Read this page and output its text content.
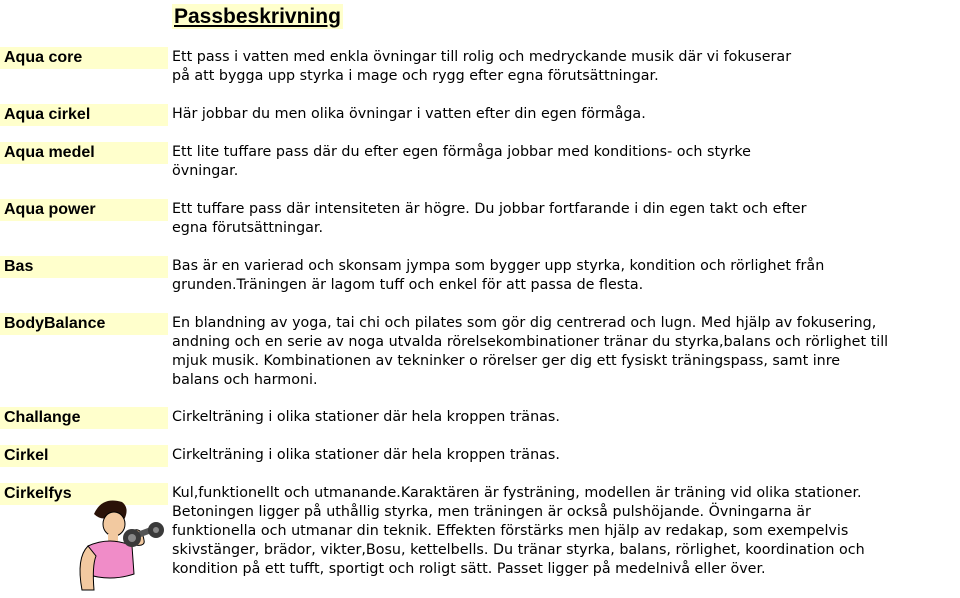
Passbeskrivning
Aqua core	Ett pass i vatten med enkla övningar till rolig och medryckande musik där vi fokuserar
på att bygga upp styrka i mage och rygg efter egna förutsättningar.
Aqua cirkel	Här jobbar du men olika övningar i vatten efter din egen förmåga.
Aqua medel	Ett lite tuffare pass där du efter egen förmåga jobbar med konditions- och styrke
övningar.
Aqua power	Ett tuffare pass där intensiteten är högre. Du jobbar fortfarande i din egen takt och efter
egna förutsättningar.
Bas	Bas är en varierad och skonsam jympa som bygger upp styrka, kondition och rörlighet från
grunden.Träningen är lagom tuff och enkel för att passa de flesta.
BodyBalance	En blandning av yoga, tai chi och pilates som gör dig centrerad och lugn. Med hjälp av fokusering,
andning och en serie av noga utvalda rörelsekombinationer tränar du styrka,balans och rörlighet till
mjuk musik. Kombinationen av tekninker o rörelser ger dig ett fysiskt träningspass, samt inre
balans och harmoni.
Challange	Cirkelträning i olika stationer där hela kroppen tränas.
Cirkel	Cirkelträning i olika stationer där hela kroppen tränas.
Cirkelfys	Kul,funktionellt och utmanande.Karaktären är fysträning, modellen är träning vid olika stationer.
Betoningen ligger på uthållig styrka, men träningen är också pulshöjande. Övningarna är
funktionella och utmanar din teknik. Effekten förstärks men hjälp av redakap, som exempelvis
skivstänger, brädor, vikter,Bosu, kettelbells. Du tränar styrka, balans, rörlighet, koordination och
kondition på ett tufft, sportigt och roligt sätt. Passet ligger på medelnivå eller över.
